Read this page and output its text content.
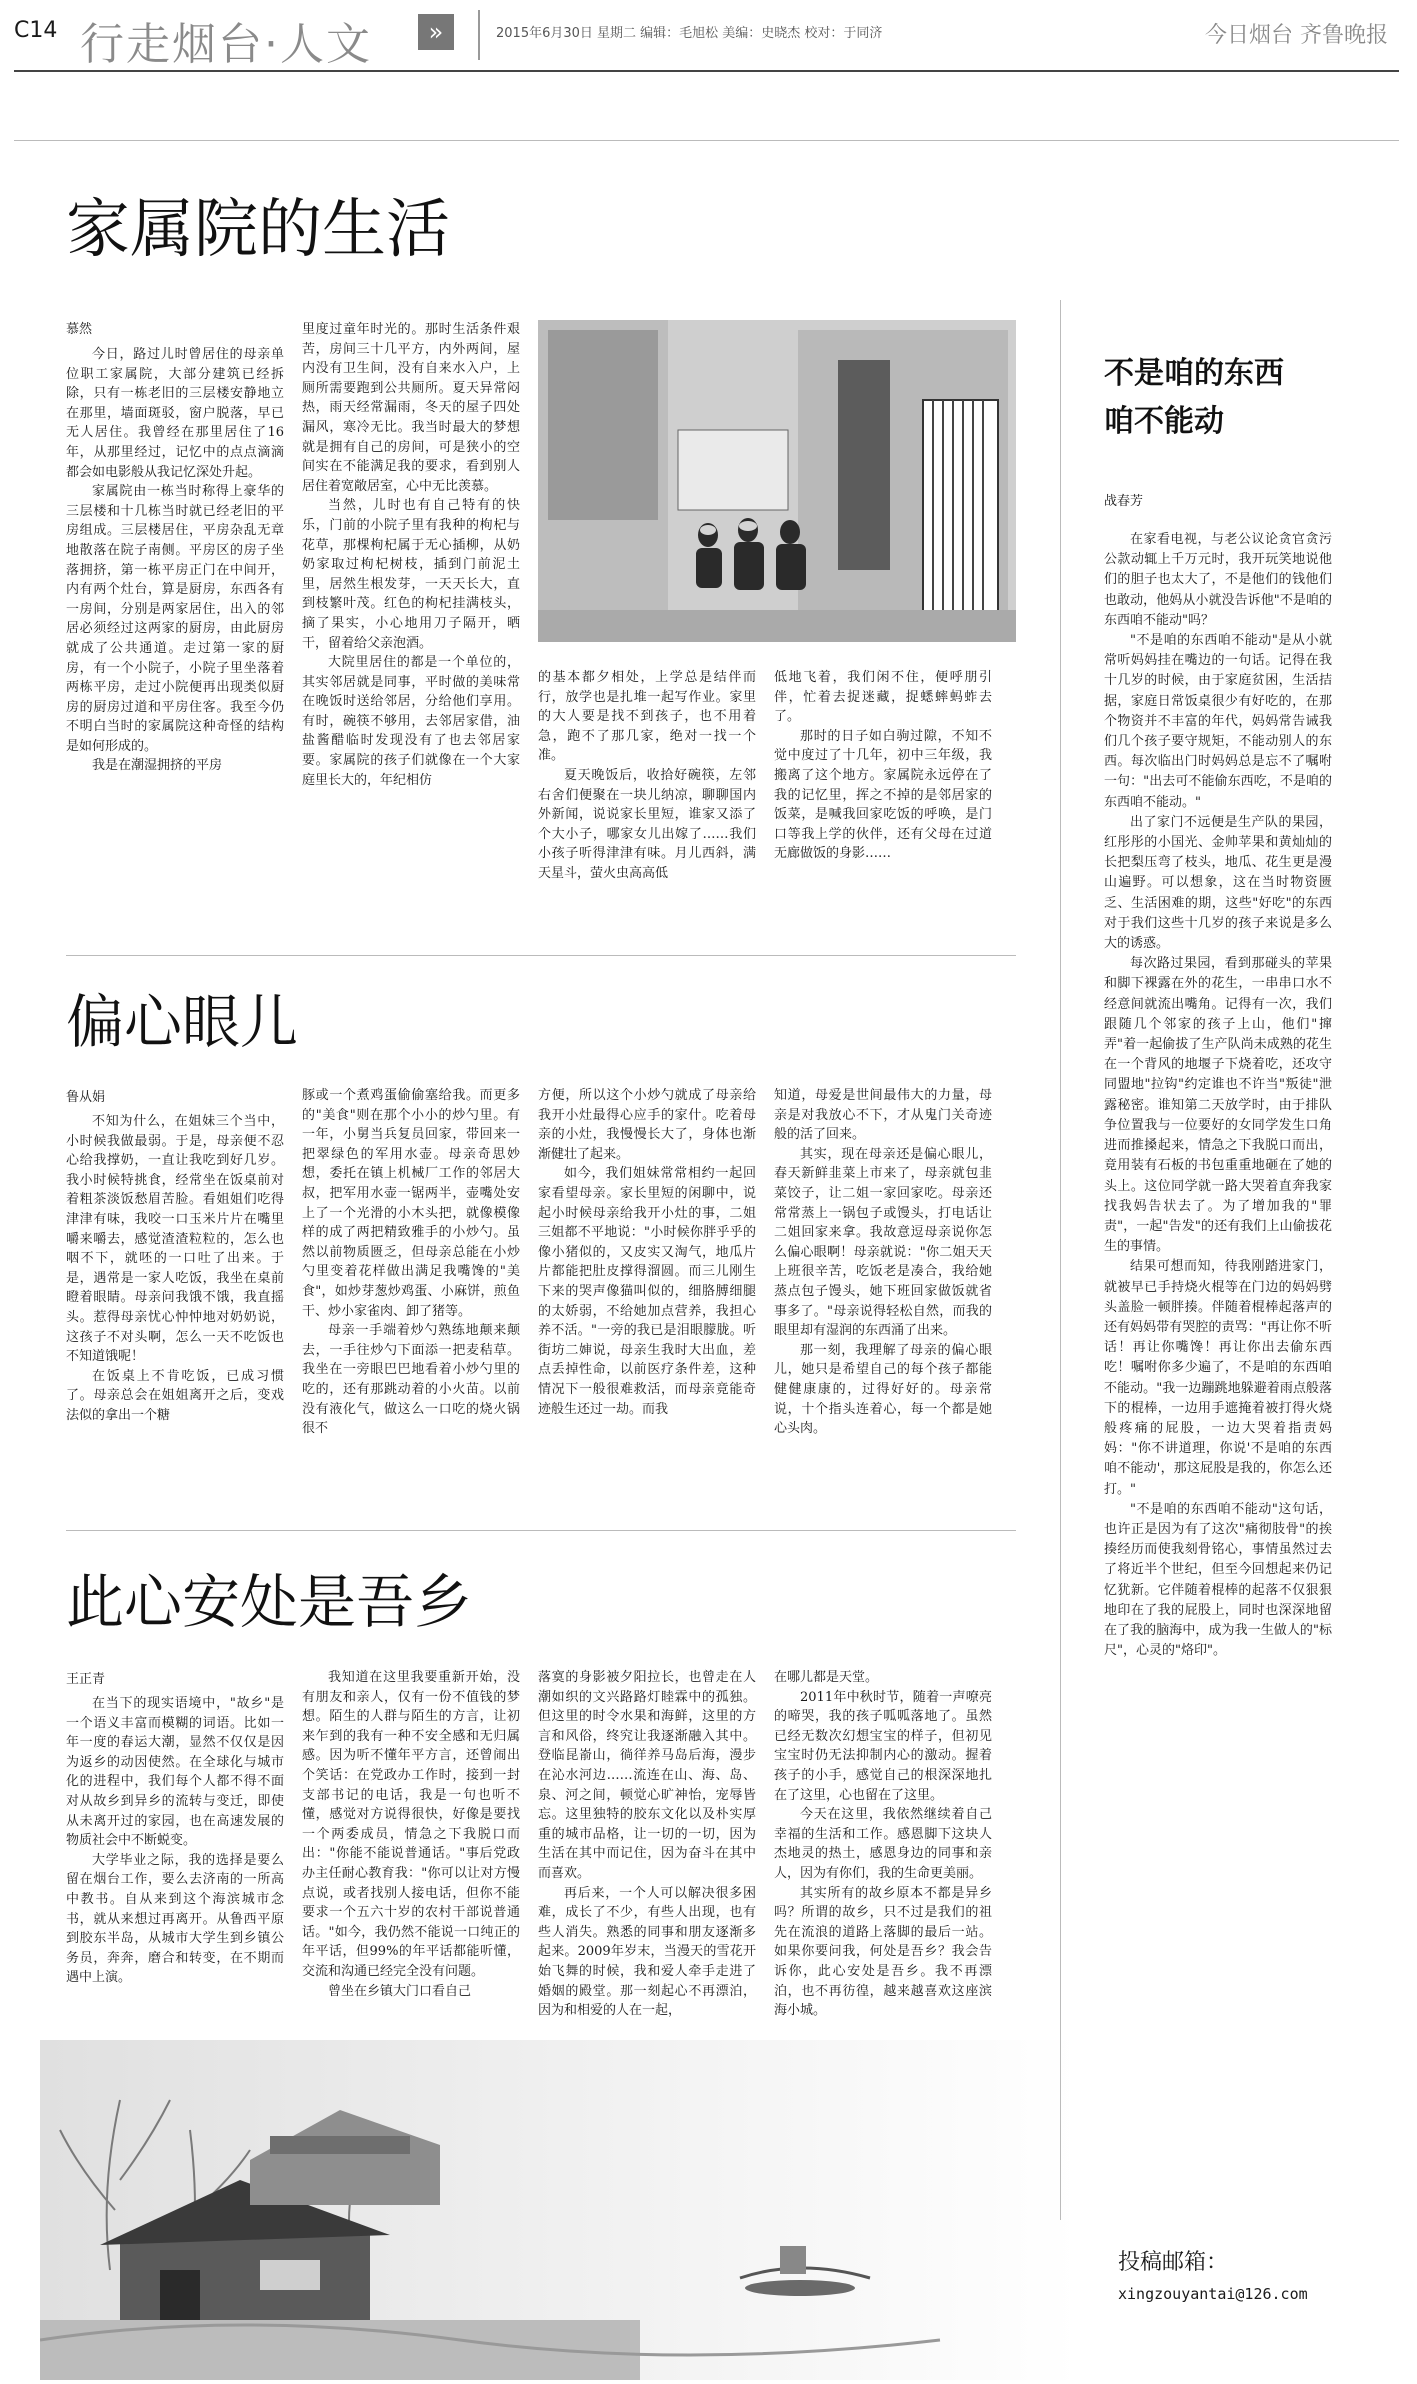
C14 行走烟台·人文	»	2015年6月30日 星期二 编辑：毛旭松 美编：史晓杰 校对：于同济	今日烟台 齐鲁晚报
家属院的生活
慕然

今日，路过儿时曾居住的母亲单位职工家属院，大部分建筑已经拆除，只有一栋老旧的三层楼安静地立在那里，墙面斑驳，窗户脱落，早已无人居住。我曾经在那里居住了16年，从那里经过，记忆中的点点滴滴都会如电影般从我记忆深处升起。

家属院由一栋当时称得上豪华的三层楼和十几栋当时就已经老旧的平房组成。三层楼居住，平房杂乱无章地散落在院子南侧。平房区的房子坐落拥挤，第一栋平房正门在中间开，内有两个灶台，算是厨房，东西各有一房间，分别是两家居住，出入的邻居必须经过这两家的厨房，由此厨房就成了公共通道。走过第一家的厨房，有一个小院子，小院子里坐落着两栋平房，走过小院便再出现类似厨房的厨房过道和平房住客。我至今仍不明白当时的家属院这种奇怪的结构是如何形成的。

我是在潮湿拥挤的平房

里度过童年时光的。那时生活条件艰苦，房间三十几平方，内外两间，屋内没有卫生间，没有自来水入户，上厕所需要跑到公共厕所。夏天异常闷热，雨天经常漏雨，冬天的屋子四处漏风，寒冷无比。我当时最大的梦想就是拥有自己的房间，可是狭小的空间实在不能满足我的要求，看到别人居住着宽敞居室，心中无比羡慕。

当然，儿时也有自己特有的快乐，门前的小院子里有我种的枸杞与花草，那棵枸杞属于无心插柳，从奶奶家取过枸杞树枝，插到门前泥土里，居然生根发芽，一天天长大，直到枝繁叶茂。红色的枸杞挂满枝头，摘了果实，小心地用刀子隔开，晒干，留着给父亲泡酒。

大院里居住的都是一个单位的，其实邻居就是同事，平时做的美味常在晚饭时送给邻居，分给他们享用。有时，碗筷不够用，去邻居家借，油盐酱醋临时发现没有了也去邻居家要。家属院的孩子们就像在一个大家庭里长大的，年纪相仿

的基本都夕相处，上学总是结伴而行，放学也是扎堆一起写作业。家里的大人要是找不到孩子，也不用着急，跑不了那几家，绝对一找一个准。

夏天晚饭后，收拾好碗筷，左邻右舍们便聚在一块儿纳凉，聊聊国内外新闻，说说家长里短，谁家又添了个大小子，哪家女儿出嫁了……我们小孩子听得津津有味。月儿西斜，满天星斗，萤火虫高高低

低地飞着，我们闲不住，便呼朋引伴，忙着去捉迷藏，捉蟋蟀蚂蚱去了。

那时的日子如白驹过隙，不知不觉中度过了十几年，初中三年级，我搬离了这个地方。家属院永远停在了我的记忆里，挥之不掉的是邻居家的饭菜，是喊我回家吃饭的呼唤，是门口等我上学的伙伴，还有父母在过道无廊做饭的身影……

偏心眼儿
鲁从娟

不知为什么，在姐妹三个当中，小时候我做最弱。于是，母亲便不忍心给我撑奶，一直让我吃到好几岁。我小时候特挑食，经常坐在饭桌前对着粗茶淡饭愁眉苦脸。看姐姐们吃得津津有味，我咬一口玉米片片在嘴里嚼来嚼去，感觉渣渣粒粒的，怎么也咽不下，就呸的一口吐了出来。于是，遇常是一家人吃饭，我坐在桌前瞪着眼睛。母亲问我饿不饿，我直摇头。惹得母亲忧心忡忡地对奶奶说，这孩子不对头啊，怎么一天不吃饭也不知道饿呢！

在饭桌上不肯吃饭，已成习惯了。母亲总会在姐姐离开之后，变戏法似的拿出一个糖

豚或一个煮鸡蛋偷偷塞给我。而更多的"美食"则在那个小小的炒勺里。有一年，小舅当兵复员回家，带回来一把翠绿色的军用水壶。母亲奇思妙想，委托在镇上机械厂工作的邻居大叔，把军用水壶一锯两半，壶嘴处安上了一个光滑的小木头把，就像模像样的成了两把精致雅手的小炒勺。虽然以前物质匮乏，但母亲总能在小炒勺里变着花样做出满足我嘴馋的"美食"，如炒芽葱炒鸡蛋、小麻饼，煎鱼干、炒小家雀肉、卸了猪等。

母亲一手端着炒勺熟练地颠来颠去，一手往炒勺下面添一把麦秸草。我坐在一旁眼巴巴地看着小炒勺里的吃的，还有那跳动着的小火苗。以前没有液化气，做这么一口吃的烧火锅很不

方便，所以这个小炒勺就成了母亲给我开小灶最得心应手的家什。吃着母亲的小灶，我慢慢长大了，身体也渐渐健壮了起来。

如今，我们姐妹常常相约一起回家看望母亲。家长里短的闲聊中，说起小时候母亲给我开小灶的事，二姐三姐都不平地说："小时候你胖乎乎的像小猪似的，又皮实又淘气，地瓜片片都能把肚皮撑得溜圆。而三儿刚生下来的哭声像猫叫似的，细胳膊细腿的太娇弱，不给她加点营养，我担心养不活。"一旁的我已是泪眼朦胧。听街坊二婶说，母亲生我时大出血，差点丢掉性命，以前医疗条件差，这种情况下一般很难救活，而母亲竟能奇迹般生还过一劫。而我

知道，母爱是世间最伟大的力量，母亲是对我放心不下，才从鬼门关奇迹般的活了回来。

其实，现在母亲还是偏心眼儿，春天新鲜韭菜上市来了，母亲就包韭菜饺子，让二姐一家回家吃。母亲还常常蒸上一锅包子或馒头，打电话让二姐回家来拿。我故意逗母亲说你怎么偏心眼啊！母亲就说："你二姐天天上班很辛苦，吃饭老是凑合，我给她蒸点包子馒头，她下班回家做饭就省事多了。"母亲说得轻松自然，而我的眼里却有湿润的东西涌了出来。

那一刻，我理解了母亲的偏心眼儿，她只是希望自己的每个孩子都能健健康康的，过得好好的。母亲常说，十个指头连着心，每一个都是她心头肉。

此心安处是吾乡
王正青

在当下的现实语境中，"故乡"是一个语义丰富而模糊的词语。比如一年一度的春运大潮，显然不仅仅是因为返乡的动因使然。在全球化与城市化的进程中，我们每个人都不得不面对从故乡到异乡的流转与变迁，即使从未离开过的家园，也在高速发展的物质社会中不断蜕变。

大学毕业之际，我的选择是要么留在烟台工作，要么去济南的一所高中教书。自从来到这个海滨城市念书，就从来想过再离开。从鲁西平原到胶东半岛，从城市大学生到乡镇公务员，奔奔，磨合和转变，在不期而遇中上演。

我知道在这里我要重新开始，没有朋友和亲人，仅有一份不值钱的梦想。陌生的人群与陌生的方言，让初来乍到的我有一种不安全感和无归属感。因为听不懂年平方言，还曾闹出个笑话：在党政办工作时，接到一封支部书记的电话，我是一句也听不懂，感觉对方说得很快，好像是要找一个两委成员，情急之下我脱口而出："你能不能说普通话。"事后党政办主任耐心教育我："你可以让对方慢点说，或者找别人接电话，但你不能要求一个五六十岁的农村干部说普通话。"如今，我仍然不能说一口纯正的年平话，但99%的年平话都能听懂，交流和沟通已经完全没有问题。

曾坐在乡镇大门口看自己

落寞的身影被夕阳拉长，也曾走在人潮如织的文兴路路灯睦霖中的孤独。但这里的时令水果和海鲜，这里的方言和风俗，终究让我逐渐融入其中。登临昆嵛山，徜徉养马岛后海，漫步在沁水河边……流连在山、海、岛、泉、河之间，顿觉心旷神怡，宠辱皆忘。这里独特的胶东文化以及朴实厚重的城市品格，让一切的一切，因为生活在其中而记住，因为奋斗在其中而喜欢。

再后来，一个人可以解决很多困难，成长了不少，有些人出现，也有些人消失。熟悉的同事和朋友逐渐多起来。2009年岁末，当漫天的雪花开始飞舞的时候，我和爱人牵手走进了婚姻的殿堂。那一刻起心不再漂泊，因为和相爱的人在一起，

在哪儿都是天堂。

2011年中秋时节，随着一声嘹亮的啼哭，我的孩子呱呱落地了。虽然已经无数次幻想宝宝的样子，但初见宝宝时仍无法抑制内心的激动。握着孩子的小手，感觉自己的根深深地扎在了这里，心也留在了这里。

今天在这里，我依然继续着自己幸福的生活和工作。感恩脚下这块人杰地灵的热土，感恩身边的同事和亲人，因为有你们，我的生命更美丽。

其实所有的故乡原本不都是异乡吗？所谓的故乡，只不过是我们的祖先在流浪的道路上落脚的最后一站。如果你要问我，何处是吾乡？我会告诉你，此心安处是吾乡。我不再漂泊，也不再彷徨，越来越喜欢这座滨海小城。

不是咱的东西
咱不能动
战春芳

在家看电视，与老公议论贪官贪污公款动辄上千万元时，我开玩笑地说他们的胆子也太大了，不是他们的钱他们也敢动，他妈从小就没告诉他"不是咱的东西咱不能动"吗？

"不是咱的东西咱不能动"是从小就常听妈妈挂在嘴边的一句话。记得在我十几岁的时候，由于家庭贫困，生活拮据，家庭日常饭桌很少有好吃的，在那个物资并不丰富的年代，妈妈常告诫我们几个孩子要守规矩，不能动别人的东西。每次临出门时妈妈总是忘不了嘱咐一句："出去可不能偷东西吃，不是咱的东西咱不能动。"

出了家门不远便是生产队的果园，红彤彤的小国光、金帅苹果和黄灿灿的长把梨压弯了枝头，地瓜、花生更是漫山遍野。可以想象，这在当时物资匮乏、生活困难的期，这些"好吃"的东西对于我们这些十几岁的孩子来说是多么大的诱惑。

每次路过果园，看到那碰头的苹果和脚下裸露在外的花生，一串串口水不经意间就流出嘴角。记得有一次，我们跟随几个邻家的孩子上山，他们"撺弄"着一起偷拔了生产队尚未成熟的花生在一个背风的地堰子下烧着吃，还攻守同盟地"拉钩"约定谁也不许当"叛徒"泄露秘密。谁知第二天放学时，由于排队争位置我与一位要好的女同学发生口角进而推搡起来，情急之下我脱口而出，竟用装有石板的书包重重地砸在了她的头上。这位同学就一路大哭着直奔我家找我妈告状去了。为了增加我的"罪责"，一起"告发"的还有我们上山偷拔花生的事情。

结果可想而知，待我刚踏进家门，就被早已手持烧火棍等在门边的妈妈劈头盖脸一顿胖揍。伴随着棍棒起落声的还有妈妈带有哭腔的责骂："再让你不听话！再让你嘴馋！再让你出去偷东西吃！嘱咐你多少遍了，不是咱的东西咱不能动。"我一边蹦跳地躲避着雨点般落下的棍棒，一边用手遮掩着被打得火烧般疼痛的屁股，一边大哭着指责妈妈："你不讲道理，你说'不是咱的东西咱不能动'，那这屁股是我的，你怎么还打。"

"不是咱的东西咱不能动"这句话，也许正是因为有了这次"痛彻肢骨"的挨揍经历而使我刻骨铭心，事情虽然过去了将近半个世纪，但至今回想起来仍记忆犹新。它伴随着棍棒的起落不仅狠狠地印在了我的屁股上，同时也深深地留在了我的脑海中，成为我一生做人的"标尺"，心灵的"烙印"。

投稿邮箱：
xingzouyantai@126.com
